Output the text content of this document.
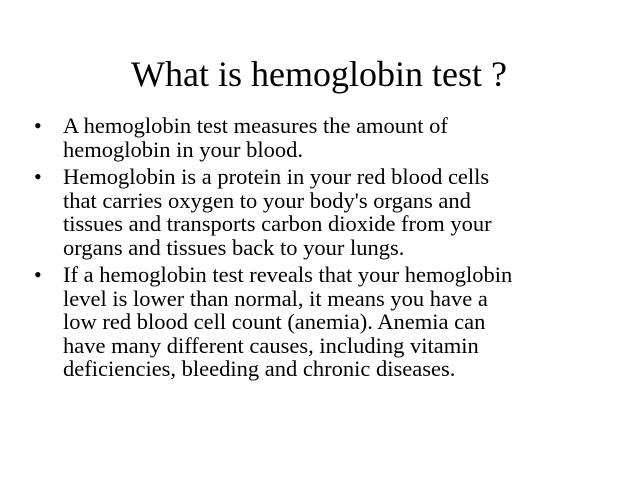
What is hemoglobin test ?
• A hemoglobin test measures the amount of
hemoglobin in your blood.
• Hemoglobin is a protein in your red blood cells
that carries oxygen to your body's organs and
tissues and transports carbon dioxide from your
organs and tissues back to your lungs.
• If a hemoglobin test reveals that your hemoglobin
level is lower than normal, it means you have a
low red blood cell count (anemia). Anemia can
have many different causes, including vitamin
deficiencies, bleeding and chronic diseases.
